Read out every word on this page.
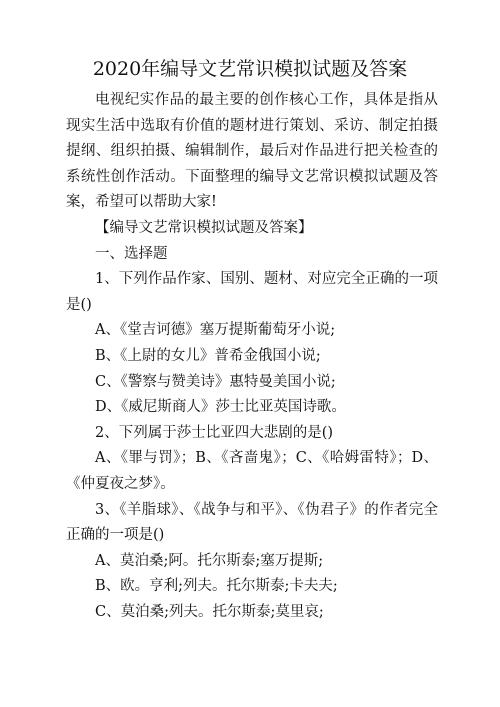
2020年编导文艺常识模拟试题及答案

电视纪实作品的最主要的创作核心工作，具体是指从现实生活中选取有价值的题材进行策划、采访、制定拍摄提纲、组织拍摄、编辑制作，最后对作品进行把关检查的系统性创作活动。下面整理的编导文艺常识模拟试题及答案，希望可以帮助大家!

【编导文艺常识模拟试题及答案】

一、选择题

1、下列作品作家、国别、题材、对应完全正确的一项是()

A、《堂吉诃德》塞万提斯葡萄牙小说;

B、《上尉的女儿》普希金俄国小说;

C、《警察与赞美诗》惠特曼美国小说;

D、《威尼斯商人》莎士比亚英国诗歌。

2、下列属于莎士比亚四大悲剧的是()

A、《罪与罚》；B、《吝啬鬼》；C、《哈姆雷特》；D、《仲夏夜之梦》。

3、《羊脂球》、《战争与和平》、《伪君子》的作者完全正确的一项是()

A、莫泊桑;阿。托尔斯泰;塞万提斯;

B、欧。亨利;列夫。托尔斯泰;卡夫夫;

C、莫泊桑;列夫。托尔斯泰;莫里哀;
